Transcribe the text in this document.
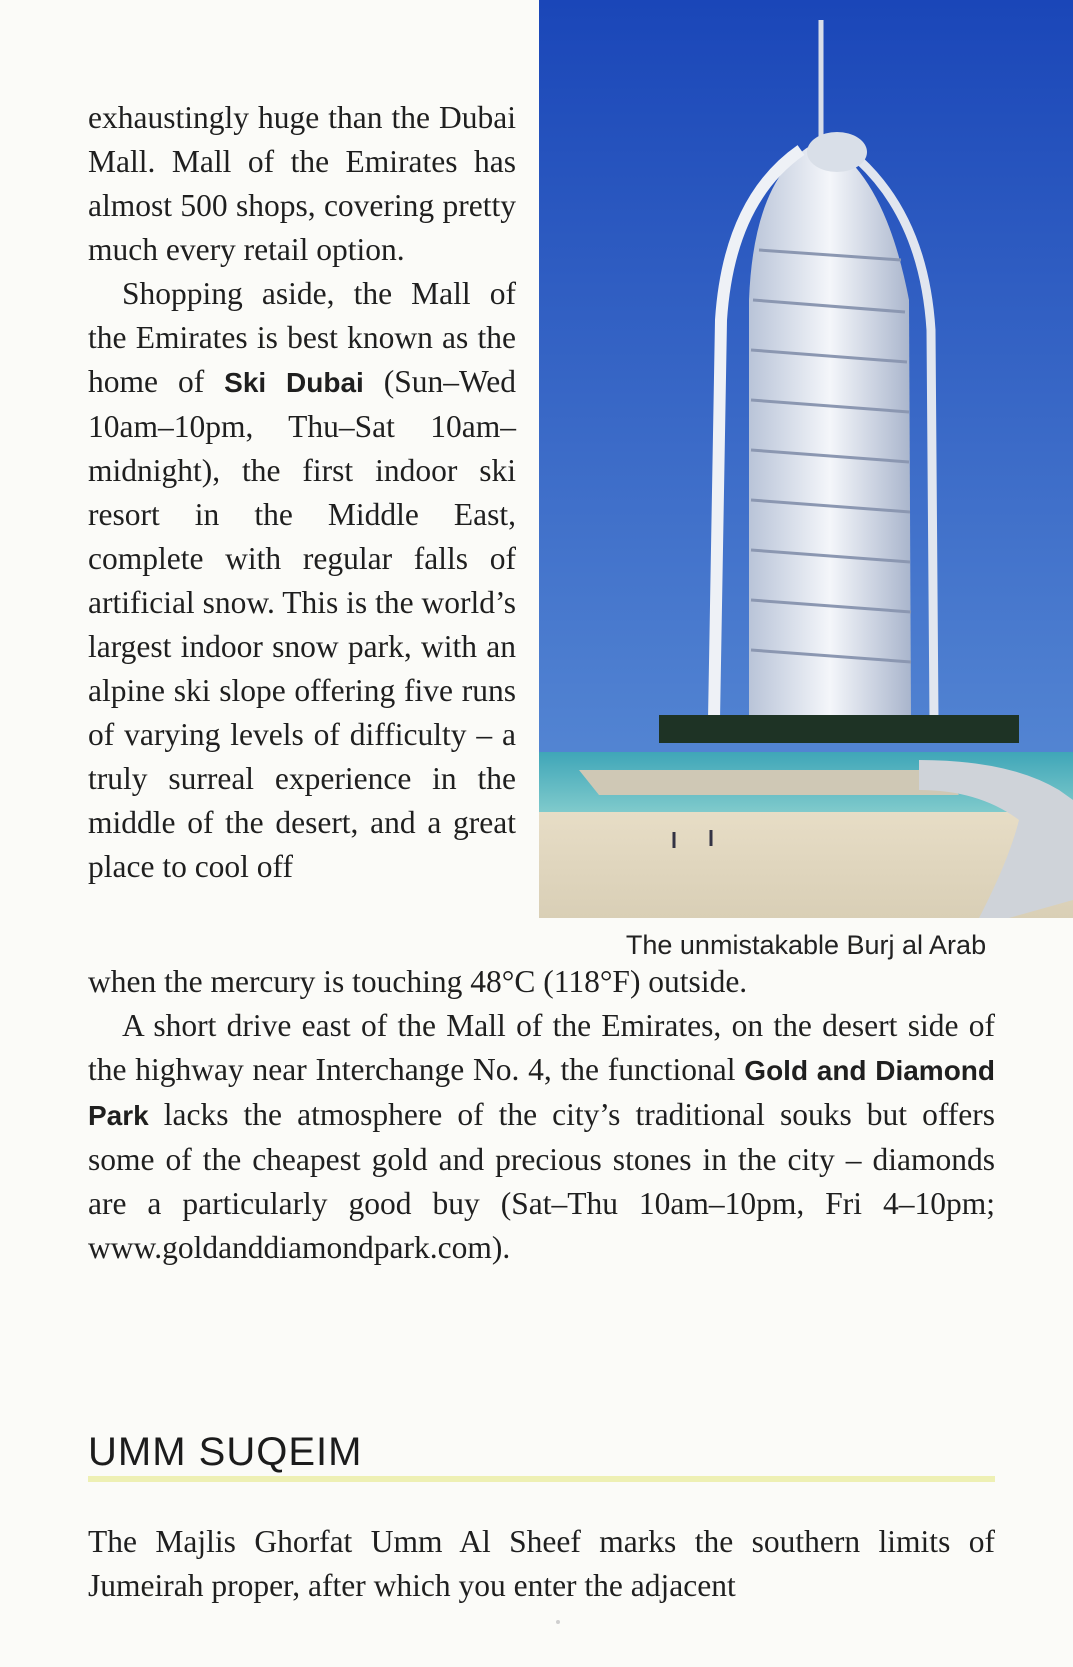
exhaustingly huge than the Dubai Mall. Mall of the Emirates has almost 500 shops, covering pretty much every retail option.

Shopping aside, the Mall of the Emirates is best known as the home of Ski Dubai (Sun–Wed 10am–10pm, Thu–Sat 10am–midnight), the first indoor ski resort in the Middle East, complete with regular falls of artificial snow. This is the world’s largest indoor snow park, with an alpine ski slope offering five runs of varying levels of difficulty – a truly surreal experience in the middle of the desert, and a great place to cool off

The unmistakable Burj al Arab

when the mercury is touching 48°C (118°F) outside.

A short drive east of the Mall of the Emirates, on the desert side of the highway near Interchange No. 4, the functional Gold and Diamond Park lacks the atmosphere of the city’s traditional souks but offers some of the cheapest gold and precious stones in the city – diamonds are a particularly good buy (Sat–Thu 10am–10pm, Fri 4–10pm; www.goldanddiamondpark.com).

UMM SUQEIM

The Majlis Ghorfat Umm Al Sheef marks the southern limits of Jumeirah proper, after which you enter the adjacent
